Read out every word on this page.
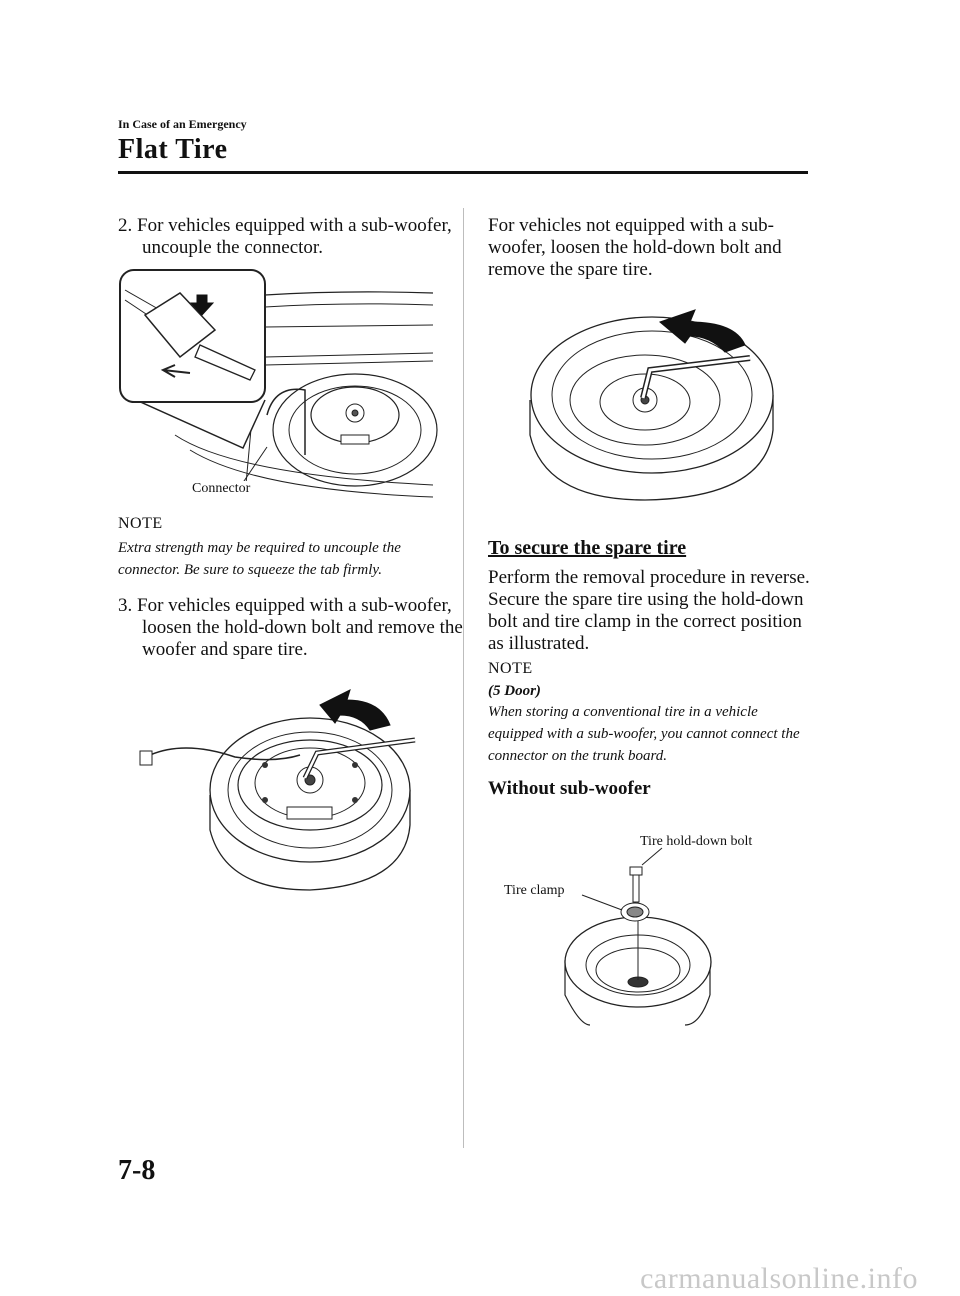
In Case of an Emergency
Flat Tire
2. For vehicles equipped with a sub-woofer, uncouple the connector.
Connector
NOTE
Extra strength may be required to uncouple the connector. Be sure to squeeze the tab firmly.
3. For vehicles equipped with a sub-woofer, loosen the hold-down bolt and remove the woofer and spare tire.
For vehicles not equipped with a sub-woofer, loosen the hold-down bolt and remove the spare tire.
To secure the spare tire
Perform the removal procedure in reverse. Secure the spare tire using the hold-down bolt and tire clamp in the correct position as illustrated.
NOTE
(5 Door)
When storing a conventional tire in a vehicle equipped with a sub-woofer, you cannot connect the connector on the trunk board.
Without sub-woofer
Tire hold-down bolt
Tire clamp
7-8
carmanualsonline.info
